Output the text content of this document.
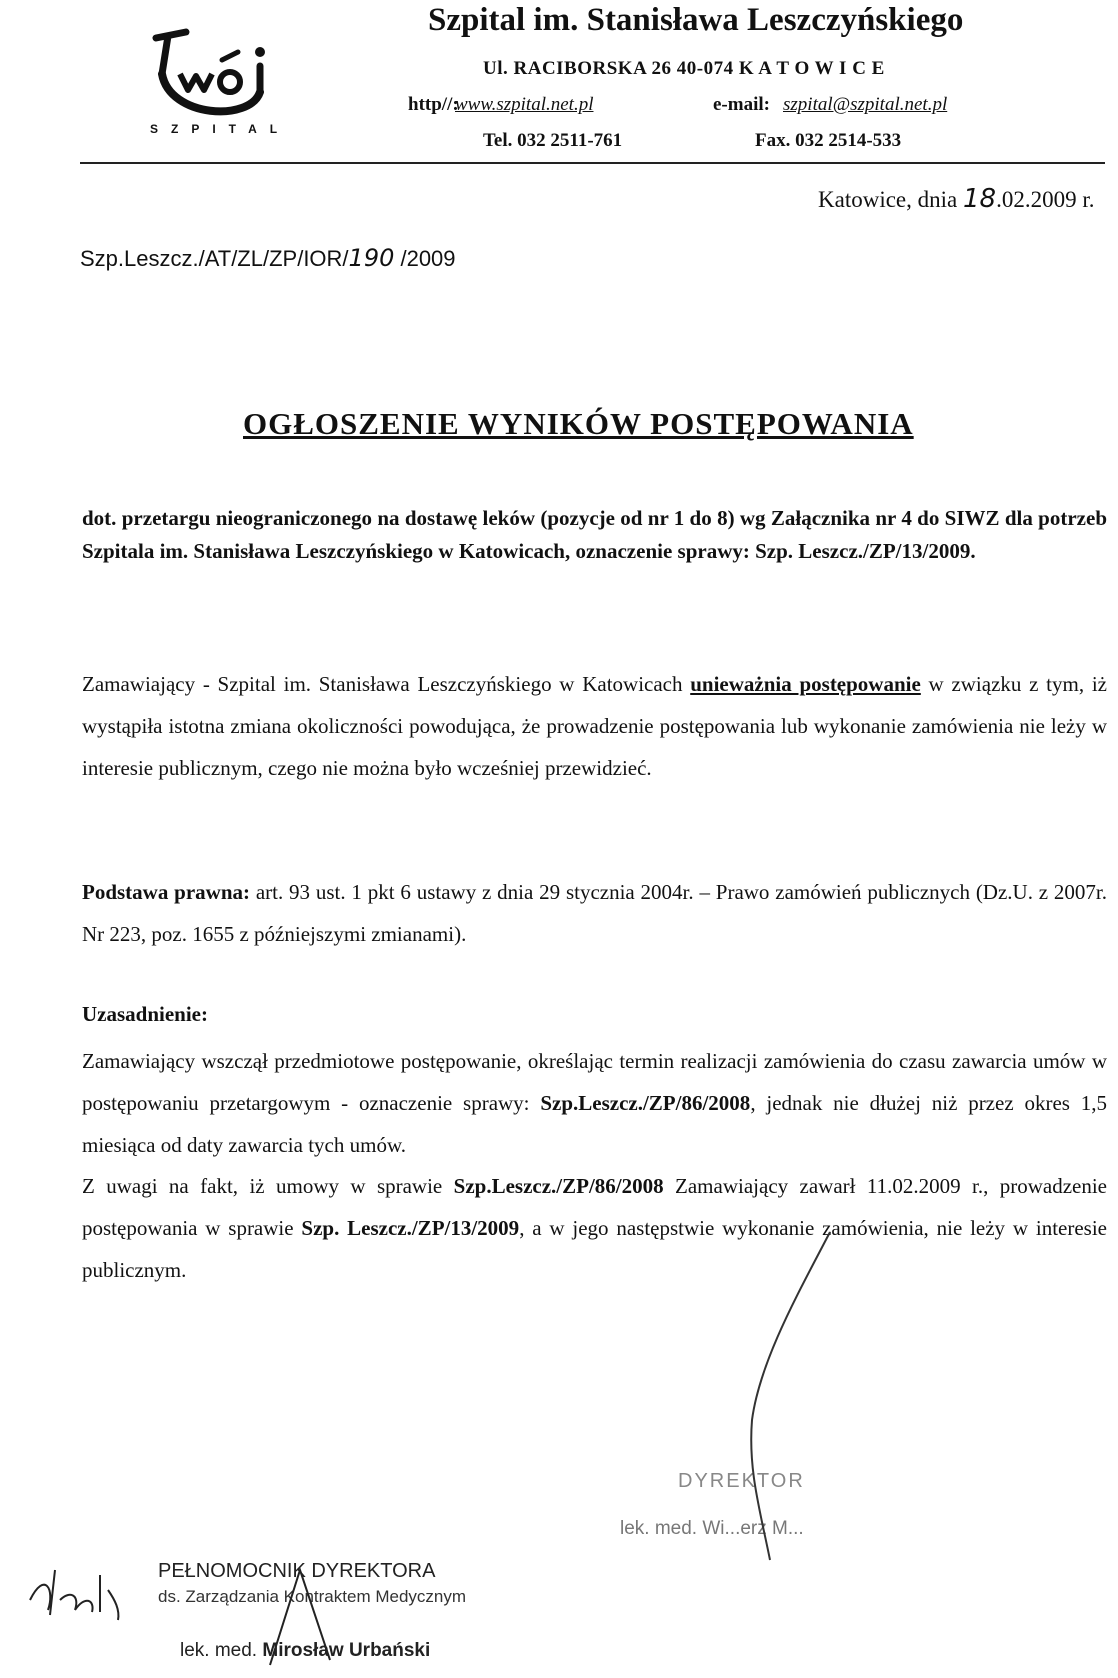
SZPITAL
Szpital im. Stanisława Leszczyńskiego
Ul. RACIBORSKA 26 40-074 K A T O W I C E
http//:
www.szpital.net.pl	e-mail: szpital@szpital.net.pl
Tel. 032 2511-761	Fax. 032 2514-533
Katowice, dnia 18.02.2009 r.
Szp.Leszcz./AT/ZL/ZP/IOR/190 /2009
OGŁOSZENIE WYNIKÓW POSTĘPOWANIA
dot. przetargu nieograniczonego na dostawę leków (pozycje od nr 1 do 8) wg Załącznika nr 4 do SIWZ dla potrzeb Szpitala im. Stanisława Leszczyńskiego w Katowicach, oznaczenie sprawy: Szp. Leszcz./ZP/13/2009.
Zamawiający - Szpital im. Stanisława Leszczyńskiego w Katowicach unieważnia postępowanie w związku z tym, iż wystąpiła istotna zmiana okoliczności powodująca, że prowadzenie postępowania lub wykonanie zamówienia nie leży w interesie publicznym, czego nie można było wcześniej przewidzieć.
Podstawa prawna: art. 93 ust. 1 pkt 6 ustawy z dnia 29 stycznia 2004r. – Prawo zamówień publicznych (Dz.U. z 2007r. Nr 223, poz. 1655 z późniejszymi zmianami).
Uzasadnienie:
Zamawiający wszczął przedmiotowe postępowanie, określając termin realizacji zamówienia do czasu zawarcia umów w postępowaniu przetargowym - oznaczenie sprawy: Szp.Leszcz./ZP/86/2008, jednak nie dłużej niż przez okres 1,5 miesiąca od daty zawarcia tych umów.
Z uwagi na fakt, iż umowy w sprawie Szp.Leszcz./ZP/86/2008 Zamawiający zawarł 11.02.2009 r., prowadzenie postępowania w sprawie Szp. Leszcz./ZP/13/2009, a w jego następstwie wykonanie zamówienia, nie leży w interesie publicznym.
DYREKTOR
lek. med. Wi...erz M...
PEŁNOMOCNIK DYREKTORA
ds. Zarządzania Kontraktem Medycznym
lek. med. Mirosław Urbański
